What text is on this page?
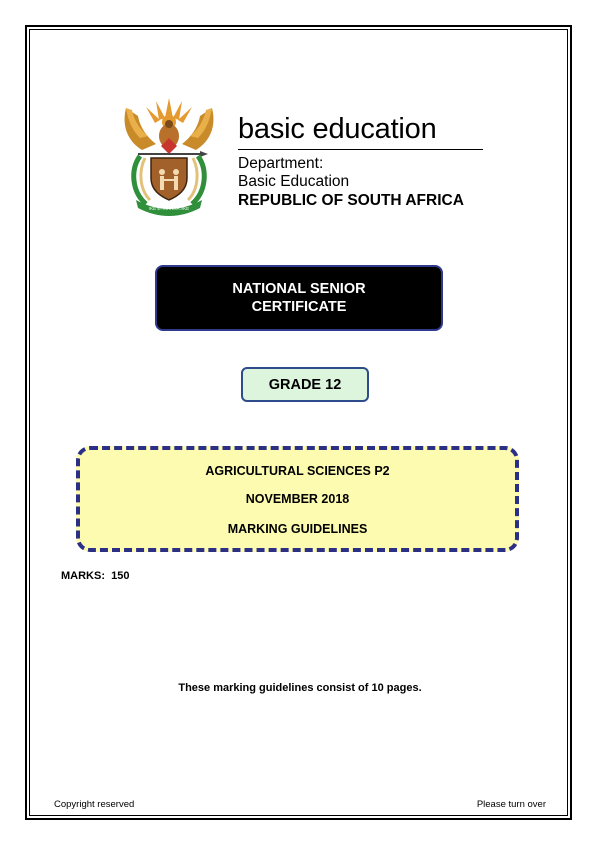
!KE E: /XARRA //KE
basic education
Department:
Basic Education
REPUBLIC OF SOUTH AFRICA
NATIONAL SENIOR
CERTIFICATE
GRADE 12
AGRICULTURAL SCIENCES P2
NOVEMBER 2018
MARKING GUIDELINES
MARKS:  150
These marking guidelines consist of 10 pages.
Copyright reserved	Please turn over
